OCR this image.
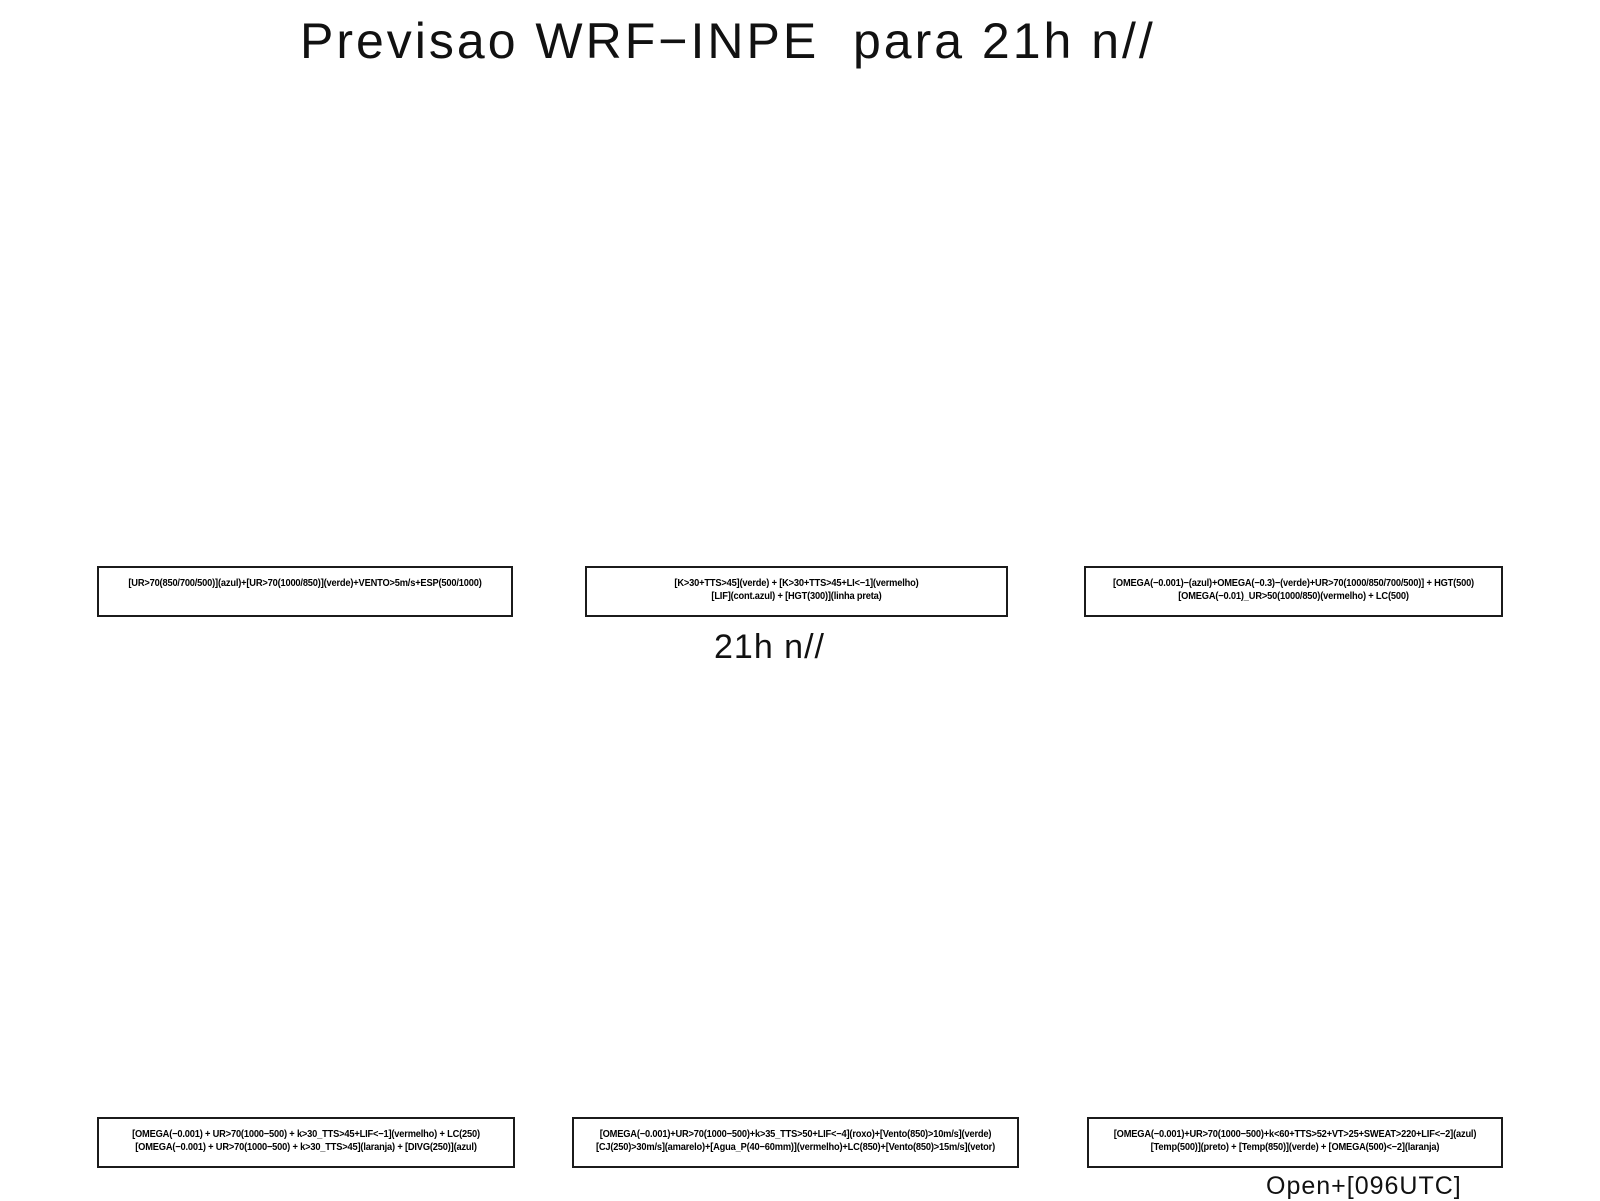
Previsao WRF−INPE  para 21h n//
[UR>70(850/700/500)](azul)+[UR>70(1000/850)](verde)+VENTO>5m/s+ESP(500/1000)	[K>30+TTS>45](verde) + [K>30+TTS>45+LI<−1](vermelho)
[LIF](cont.azul) + [HGT(300)](linha preta)
[OMEGA(−0.001)−(azul)+OMEGA(−0.3)−(verde)+UR>70(1000/850/700/500)] + HGT(500)
[OMEGA(−0.01)_UR>50(1000/850)(vermelho) + LC(500)
21h n//
[OMEGA(−0.001) + UR>70(1000−500) + k>30_TTS>45+LIF<−1](vermelho) + LC(250)
[OMEGA(−0.001) + UR>70(1000−500) + k>30_TTS>45](laranja) + [DIVG(250)](azul)
[OMEGA(−0.001)+UR>70(1000−500)+k>35_TTS>50+LIF<−4](roxo)+[Vento(850)>10m/s](verde)
[CJ(250)>30m/s](amarelo)+[Agua_P(40−60mm)](vermelho)+LC(850)+[Vento(850)>15m/s](vetor)
[OMEGA(−0.001)+UR>70(1000−500)+k<60+TTS>52+VT>25+SWEAT>220+LIF<−2](azul)
[Temp(500)](preto) + [Temp(850)](verde) + [OMEGA(500)<−2](laranja)
Open+[096UTC]
